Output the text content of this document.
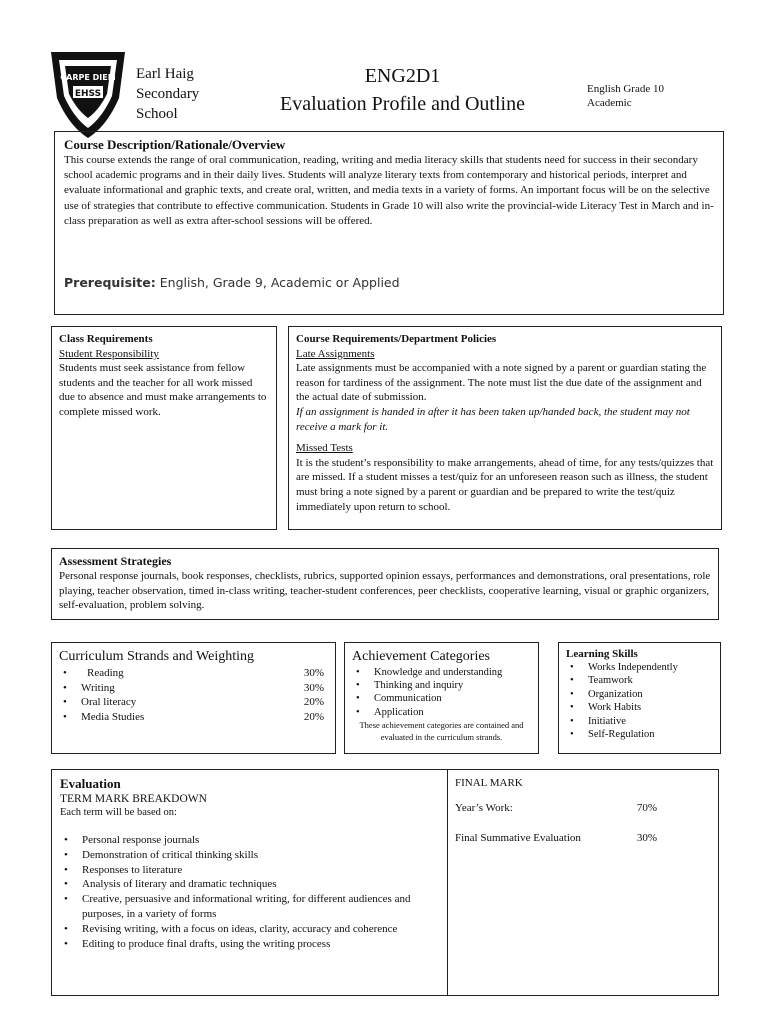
CARPE DIEM
EHSS
Earl Haig
Secondary
School
ENG2D1
Evaluation Profile and Outline
English Grade 10
Academic
Course Description/Rationale/Overview
This course extends the range of oral communication, reading, writing and media literacy skills that students need for success in their secondary school academic programs and in their daily lives. Students will analyze literary texts from contemporary and historical periods, interpret and evaluate informational and graphic texts, and create oral, written, and media texts in a variety of forms. An important focus will be on the selective use of strategies that contribute to effective communication. Students in Grade 10 will also write the provincial-wide Literacy Test in March and in-class preparation as well as extra after-school sessions will be offered.
Prerequisite: English, Grade 9, Academic or Applied
Class Requirements
Student Responsibility
Students must seek assistance from fellow students and the teacher for all work missed due to absence and must make arrangements to complete missed work.
Course Requirements/Department Policies
Late Assignments
Late assignments must be accompanied with a note signed by a parent or guardian stating the reason for tardiness of the assignment. The note must list the due date of the assignment and the actual date of submission.
If an assignment is handed in after it has been taken up/handed back, the student may not receive a mark for it.
Missed Tests
It is the student’s responsibility to make arrangements, ahead of time, for any tests/quizzes that are missed. If a student misses a test/quiz for an unforeseen reason such as illness, the student must bring a note signed by a parent or guardian and be prepared to write the test/quiz immediately upon return to school.
Assessment Strategies
Personal response journals, book responses, checklists, rubrics, supported opinion essays, performances and demonstrations, oral presentations, role playing, teacher observation, timed in-class writing, teacher-student conferences, peer checklists, cooperative learning, visual or graphic organizers, self-evaluation, problem solving.
Curriculum Strands and Weighting
• Reading	30%
• Writing	30%
• Oral literacy	20%
• Media Studies	20%
Achievement Categories
• Knowledge and understanding
• Thinking and inquiry
• Communication
• Application
These achievement categories are contained and evaluated in the curriculum strands.
Learning Skills
• Works Independently
• Teamwork
• Organization
• Work Habits
• Initiative
• Self-Regulation
Evaluation
TERM MARK BREAKDOWN
Each term will be based on:
• Personal response journals
• Demonstration of critical thinking skills
• Responses to literature
• Analysis of literary and dramatic techniques
• Creative, persuasive and informational writing, for different audiences and purposes, in a variety of forms
• Revising writing, with a focus on ideas, clarity, accuracy and coherence
• Editing to produce final drafts, using the writing process
FINAL MARK
Year’s Work:	70%
Final Summative Evaluation	30%
